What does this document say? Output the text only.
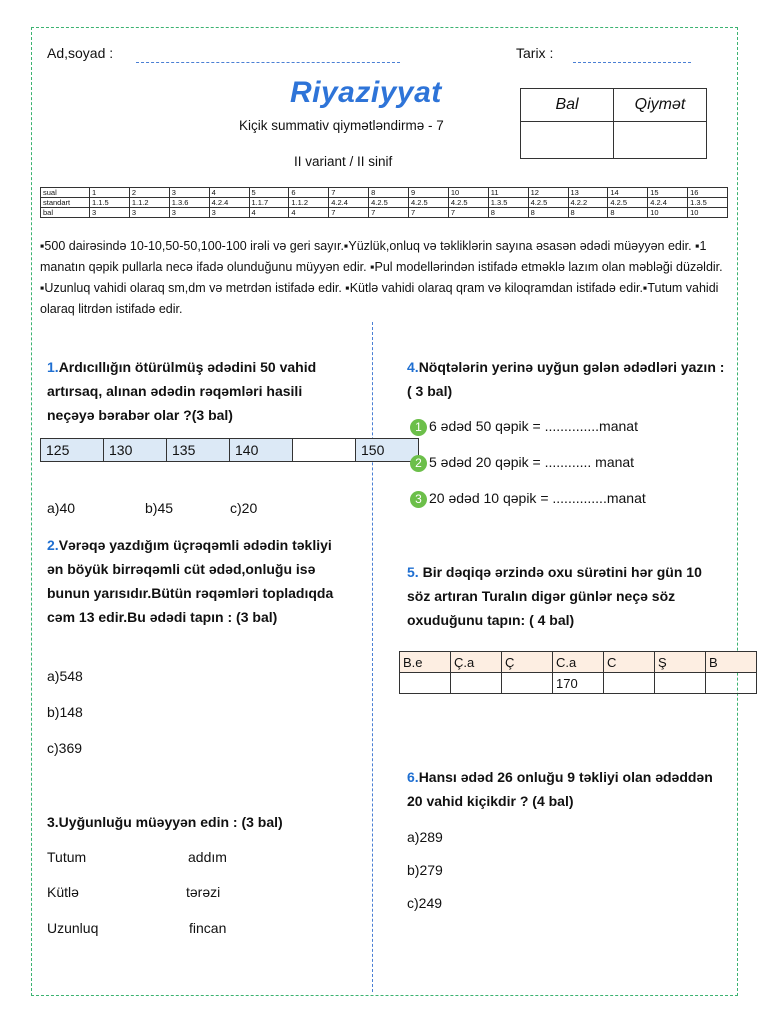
Ad,soyad :	Tarix :
Riyaziyyat
Kiçik summativ qiymətləndirmə - 7
II variant / II sinif
Bal	Qiymət

sual	1	2	3	4	5	6	7	8	9	10	11	12	13	14	15	16
standart	1.1.5	1.1.2	1.3.6	4.2.4	1.1.7	1.1.2	4.2.4	4.2.5	4.2.5	4.2.5	1.3.5	4.2.5	4.2.2	4.2.5	4.2.4	1.3.5
bal	3	3	3	3	4	4	7	7	7	7	8	8	8	8	10	10
▪500 dairəsində 10-10,50-50,100-100 irəli və geri sayır.▪Yüzlük,onluq və təkliklərin sayına əsasən ədədi müəyyən edir. ▪1 manatın qəpik pullarla necə ifadə olunduğunu müyyən edir. ▪Pul modellərindən istifadə etməklə lazım olan məbləği düzəldir. ▪Uzunluq vahidi olaraq sm,dm və metrdən istifadə edir. ▪Kütlə vahidi olaraq qram və kiloqramdan istifadə edir.▪Tutum vahidi olaraq litrdən istifadə edir.
1.Ardıcıllığın ötürülmüş ədədini 50 vahid artırsaq, alınan ədədin rəqəmləri hasili neçəyə bərabər olar ?(3 bal)
125	130	135	140		150
a)40	b)45	c)20
2.Vərəqə yazdığım üçrəqəmli ədədin təkliyi ən böyük birrəqəmli cüt ədəd,onluğu isə bunun yarısıdır.Bütün rəqəmləri topladıqda cəm 13 edir.Bu ədədi tapın : (3 bal)
a)548
b)148
c)369
3.Uyğunluğu müəyyən edin : (3 bal)
Tutum	addım
Kütlə	tərəzi
Uzunluq	fincan
4.Nöqtələrin yerinə uyğun gələn ədədləri yazın : ( 3 bal)
1 6 ədəd 50 qəpik = ..............manat
2 5 ədəd 20 qəpik = ............ manat
3 20 ədəd 10 qəpik = ..............manat
5. Bir dəqiqə ərzində oxu sürətini hər gün 10 söz artıran Turalın digər günlər neçə söz oxuduğunu tapın: ( 4 bal)
B.e	Ç.a	Ç	C.a	C	Ş	B
			170			
6.Hansı ədəd 26 onluğu 9 təkliyi olan ədəddən 20 vahid kiçikdir ? (4 bal)
a)289
b)279
c)249
